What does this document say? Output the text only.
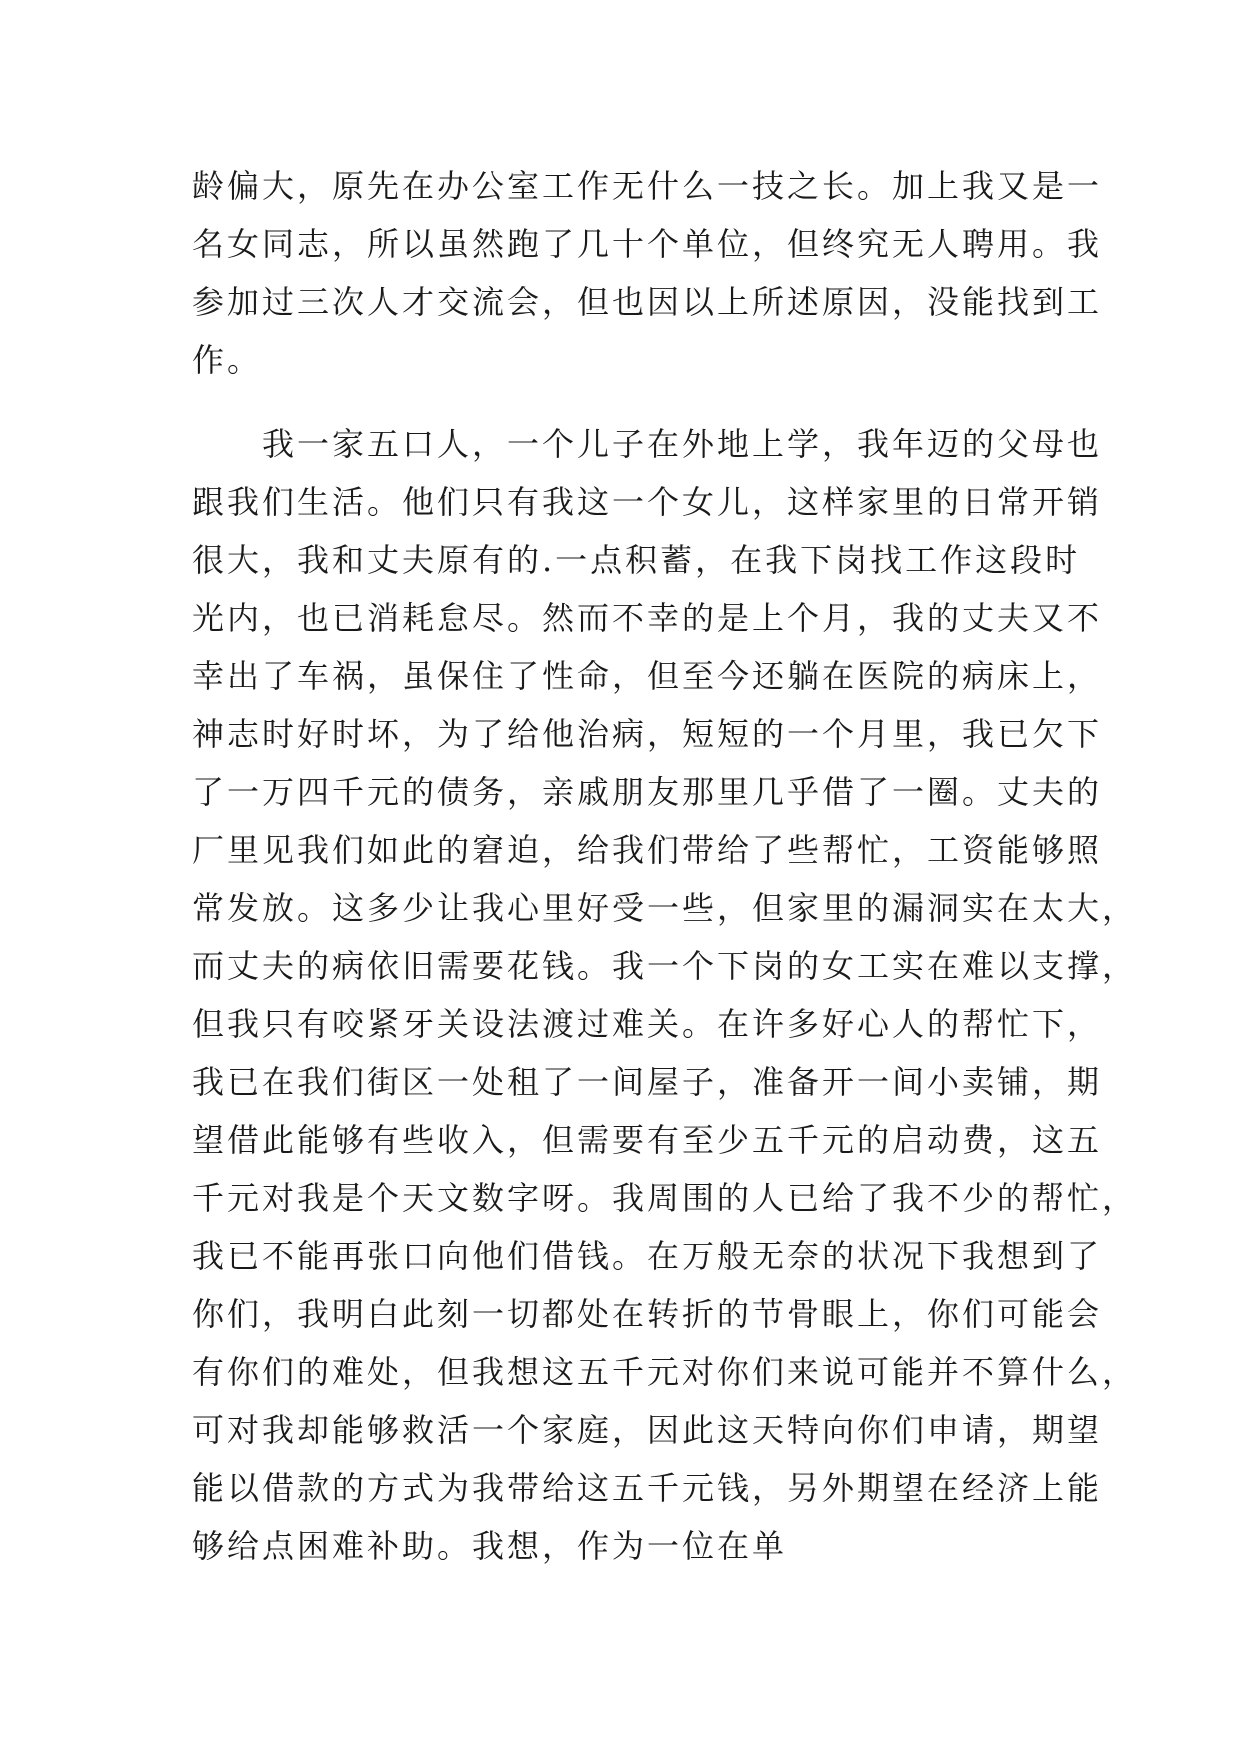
龄偏大，原先在办公室工作无什么一技之长。加上我又是一
名女同志，所以虽然跑了几十个单位，但终究无人聘用。我
参加过三次人才交流会，但也因以上所述原因，没能找到工
作。
　　我一家五口人，一个儿子在外地上学，我年迈的父母也
跟我们生活。他们只有我这一个女儿，这样家里的日常开销
很大，我和丈夫原有的.一点积蓄，在我下岗找工作这段时
光内，也已消耗怠尽。然而不幸的是上个月，我的丈夫又不
幸出了车祸，虽保住了性命，但至今还躺在医院的病床上，
神志时好时坏，为了给他治病，短短的一个月里，我已欠下
了一万四千元的债务，亲戚朋友那里几乎借了一圈。丈夫的
厂里见我们如此的窘迫，给我们带给了些帮忙，工资能够照
常发放。这多少让我心里好受一些，但家里的漏洞实在太大，
而丈夫的病依旧需要花钱。我一个下岗的女工实在难以支撑，
但我只有咬紧牙关设法渡过难关。在许多好心人的帮忙下，
我已在我们街区一处租了一间屋子，准备开一间小卖铺，期
望借此能够有些收入，但需要有至少五千元的启动费，这五
千元对我是个天文数字呀。我周围的人已给了我不少的帮忙，
我已不能再张口向他们借钱。在万般无奈的状况下我想到了
你们，我明白此刻一切都处在转折的节骨眼上，你们可能会
有你们的难处，但我想这五千元对你们来说可能并不算什么，
可对我却能够救活一个家庭，因此这天特向你们申请，期望
能以借款的方式为我带给这五千元钱，另外期望在经济上能
够给点困难补助。我想，作为一位在单
